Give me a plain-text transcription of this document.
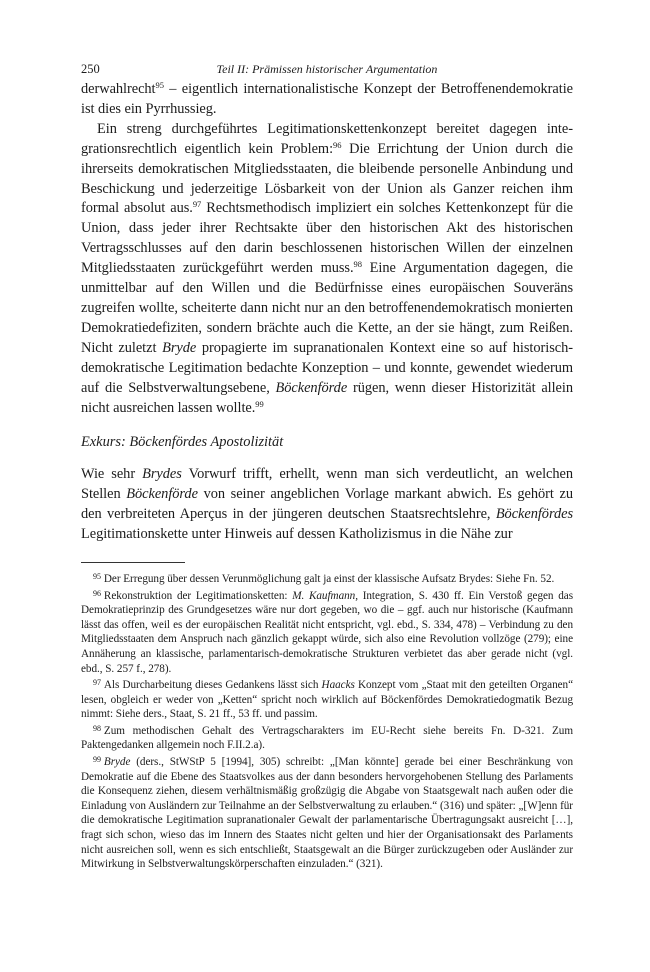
250	Teil II: Prämissen historischer Argumentation

derwahlrecht$^{95}$ – eigentlich internationalistische Konzept der Betroffenendemokratie ist dies ein Pyrrhussieg.

Ein streng durchgeführtes Legitimationskettenkonzept bereitet dagegen integrationsrechtlich eigentlich kein Problem:$^{96}$ Die Errichtung der Union durch die ihrerseits demokratischen Mitgliedsstaaten, die bleibende personelle Anbindung und Beschickung und jederzeitige Lösbarkeit von der Union als Ganzer reichen ihm formal absolut aus.$^{97}$ Rechtsmethodisch impliziert ein solches Kettenkonzept für die Union, dass jeder ihrer Rechtsakte über den historischen Akt des historischen Vertragsschlusses auf den darin beschlossenen historischen Willen der einzelnen Mitgliedsstaaten zurückgeführt werden muss.$^{98}$ Eine Argumentation dagegen, die unmittelbar auf den Willen und die Bedürfnisse eines europäischen Souveräns zugreifen wollte, scheiterte dann nicht nur an den betroffenendemokratisch monierten Demokratiedefiziten, sondern brächte auch die Kette, an der sie hängt, zum Reißen. Nicht zuletzt Bryde propagierte im supranationalen Kontext eine so auf historisch-demokratische Legitimation bedachte Konzeption – und konnte, gewendet wiederum auf die Selbstverwaltungsebene, Böckenförde rügen, wenn dieser Historizität allein nicht ausreichen lassen wollte.$^{99}$

Exkurs: Böckenfördes Apostolizität

Wie sehr Brydes Vorwurf trifft, erhellt, wenn man sich verdeutlicht, an welchen Stellen Böckenförde von seiner angeblichen Vorlage markant abwich. Es gehört zu den verbreiteten Aperçus in der jüngeren deutschen Staatsrechtslehre, Böckenfördes Legitimationskette unter Hinweis auf dessen Katholizismus in die Nähe zur

$^{95}$ Der Erregung über dessen Verunmöglichung galt ja einst der klassische Aufsatz Brydes: Siehe Fn. 52.

$^{96}$ Rekonstruktion der Legitimationsketten: M. Kaufmann, Integration, S. 430 ff. Ein Verstoß gegen das Demokratieprinzip des Grundgesetzes wäre nur dort gegeben, wo die – ggf. auch nur historische (Kaufmann lässt das offen, weil es der europäischen Realität nicht entspricht, vgl. ebd., S. 334, 478) – Verbindung zu den Mitgliedsstaaten dem Anspruch nach gänzlich gekappt würde, sich also eine Revolution vollzöge (279); eine Annäherung an klassische, parlamentarisch-demokratische Strukturen verbietet das aber gerade nicht (vgl. ebd., S. 257 f., 278).

$^{97}$ Als Durcharbeitung dieses Gedankens lässt sich Haacks Konzept vom „Staat mit den geteilten Organen“ lesen, obgleich er weder von „Ketten“ spricht noch wirklich auf Böckenfördes Demokratiedogmatik Bezug nimmt: Siehe ders., Staat, S. 21 ff., 53 ff. und passim.

$^{98}$ Zum methodischen Gehalt des Vertragscharakters im EU-Recht siehe bereits Fn. D-321. Zum Paktengedanken allgemein noch F.II.2.a).

$^{99}$ Bryde (ders., StWStP 5 [1994], 305) schreibt: „[Man könnte] gerade bei einer Beschränkung von Demokratie auf die Ebene des Staatsvolkes aus der dann besonders hervorgehobenen Stellung des Parlaments die Konsequenz ziehen, diesem verhältnismäßig großzügig die Abgabe von Staatsgewalt nach außen oder die Einladung von Ausländern zur Teilnahme an der Selbstverwaltung zu erlauben.“ (316) und später: „[W]enn für die demokratische Legitimation supranationaler Gewalt der parlamentarische Übertragungsakt ausreicht […], fragt sich schon, wieso das im Innern des Staates nicht gelten und hier der Organisationsakt des Parlaments nicht ausreichen soll, wenn es sich entschließt, Staatsgewalt an die Bürger zurückzugeben oder Ausländer zur Mitwirkung in Selbstverwaltungskörperschaften einzuladen.“ (321).
